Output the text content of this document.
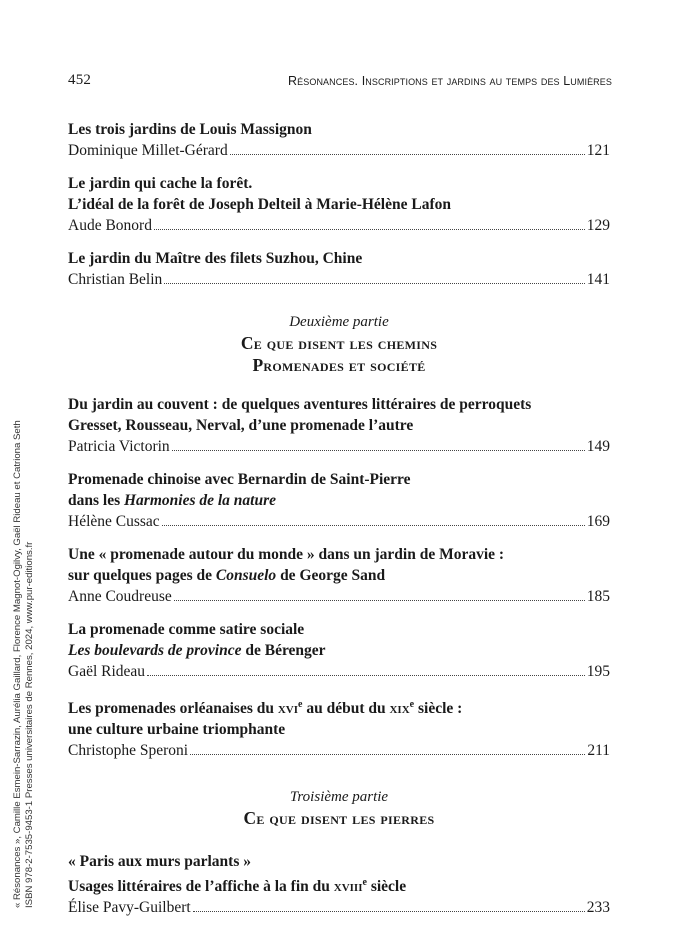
452	Résonances. Inscriptions et jardins au temps des Lumières
« Résonances », Camille Esmein-Sarrazin, Aurélia Gaillard, Florence Magnot-Ogilvy, Gaël Rideau et Catriona Seth ISBN 978-2-7535-9453-1 Presses universitaires de Rennes, 2024, www.pur-editions.fr
Les trois jardins de Louis Massignon
Dominique Millet-Gérard	121
Le jardin qui cache la forêt.
L’idéal de la forêt de Joseph Delteil à Marie-Hélène Lafon
Aude Bonord	129
Le jardin du Maître des filets Suzhou, Chine
Christian Belin	141
Deuxième partie
Ce que disent les chemins
Promenades et société
Du jardin au couvent : de quelques aventures littéraires de perroquets
Gresset, Rousseau, Nerval, d’une promenade l’autre
Patricia Victorin	149
Promenade chinoise avec Bernardin de Saint-Pierre
dans les Harmonies de la nature
Hélène Cussac	169
Une « promenade autour du monde » dans un jardin de Moravie :
sur quelques pages de Consuelo de George Sand
Anne Coudreuse	185
La promenade comme satire sociale
Les boulevards de province de Bérenger
Gaël Rideau	195
Les promenades orléanaises du xvi$^e$ au début du xix$^e$ siècle :
une culture urbaine triomphante
Christophe Speroni	211
Troisième partie
Ce que disent les pierres
« Paris aux murs parlants »
Usages littéraires de l’affiche à la fin du xviii$^e$ siècle
Élise Pavy-Guilbert	233
